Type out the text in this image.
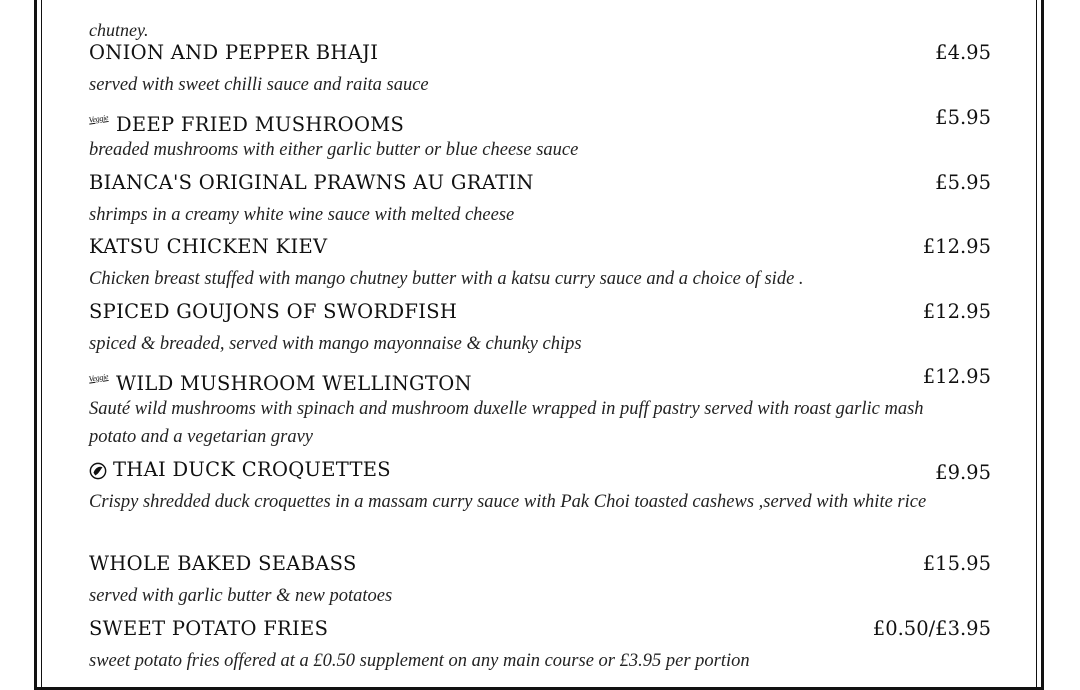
chutney.
ONION AND PEPPER BHAJI	£4.95
served with sweet chilli sauce and raita sauce
Veggie DEEP FRIED MUSHROOMS	£5.95
breaded mushrooms with either garlic butter or blue cheese sauce
BIANCA'S ORIGINAL PRAWNS AU GRATIN	£5.95
shrimps in a creamy white wine sauce with melted cheese
KATSU CHICKEN KIEV	£12.95
Chicken breast stuffed with mango chutney butter with a katsu curry sauce and a choice of side .
SPICED GOUJONS OF SWORDFISH	£12.95
spiced & breaded, served with mango mayonnaise & chunky chips
Veggie WILD MUSHROOM WELLINGTON	£12.95
Sauté wild mushrooms with spinach and mushroom duxelle wrapped in puff pastry served with roast garlic mash potato and a vegetarian gravy
THAI DUCK CROQUETTES	£9.95
Crispy shredded duck croquettes in a massam curry sauce with Pak Choi toasted cashews ,served with white rice
WHOLE BAKED SEABASS	£15.95
served with garlic butter & new potatoes
SWEET POTATO FRIES	£0.50/£3.95
sweet potato fries offered at a £0.50 supplement on any main course or £3.95 per portion
